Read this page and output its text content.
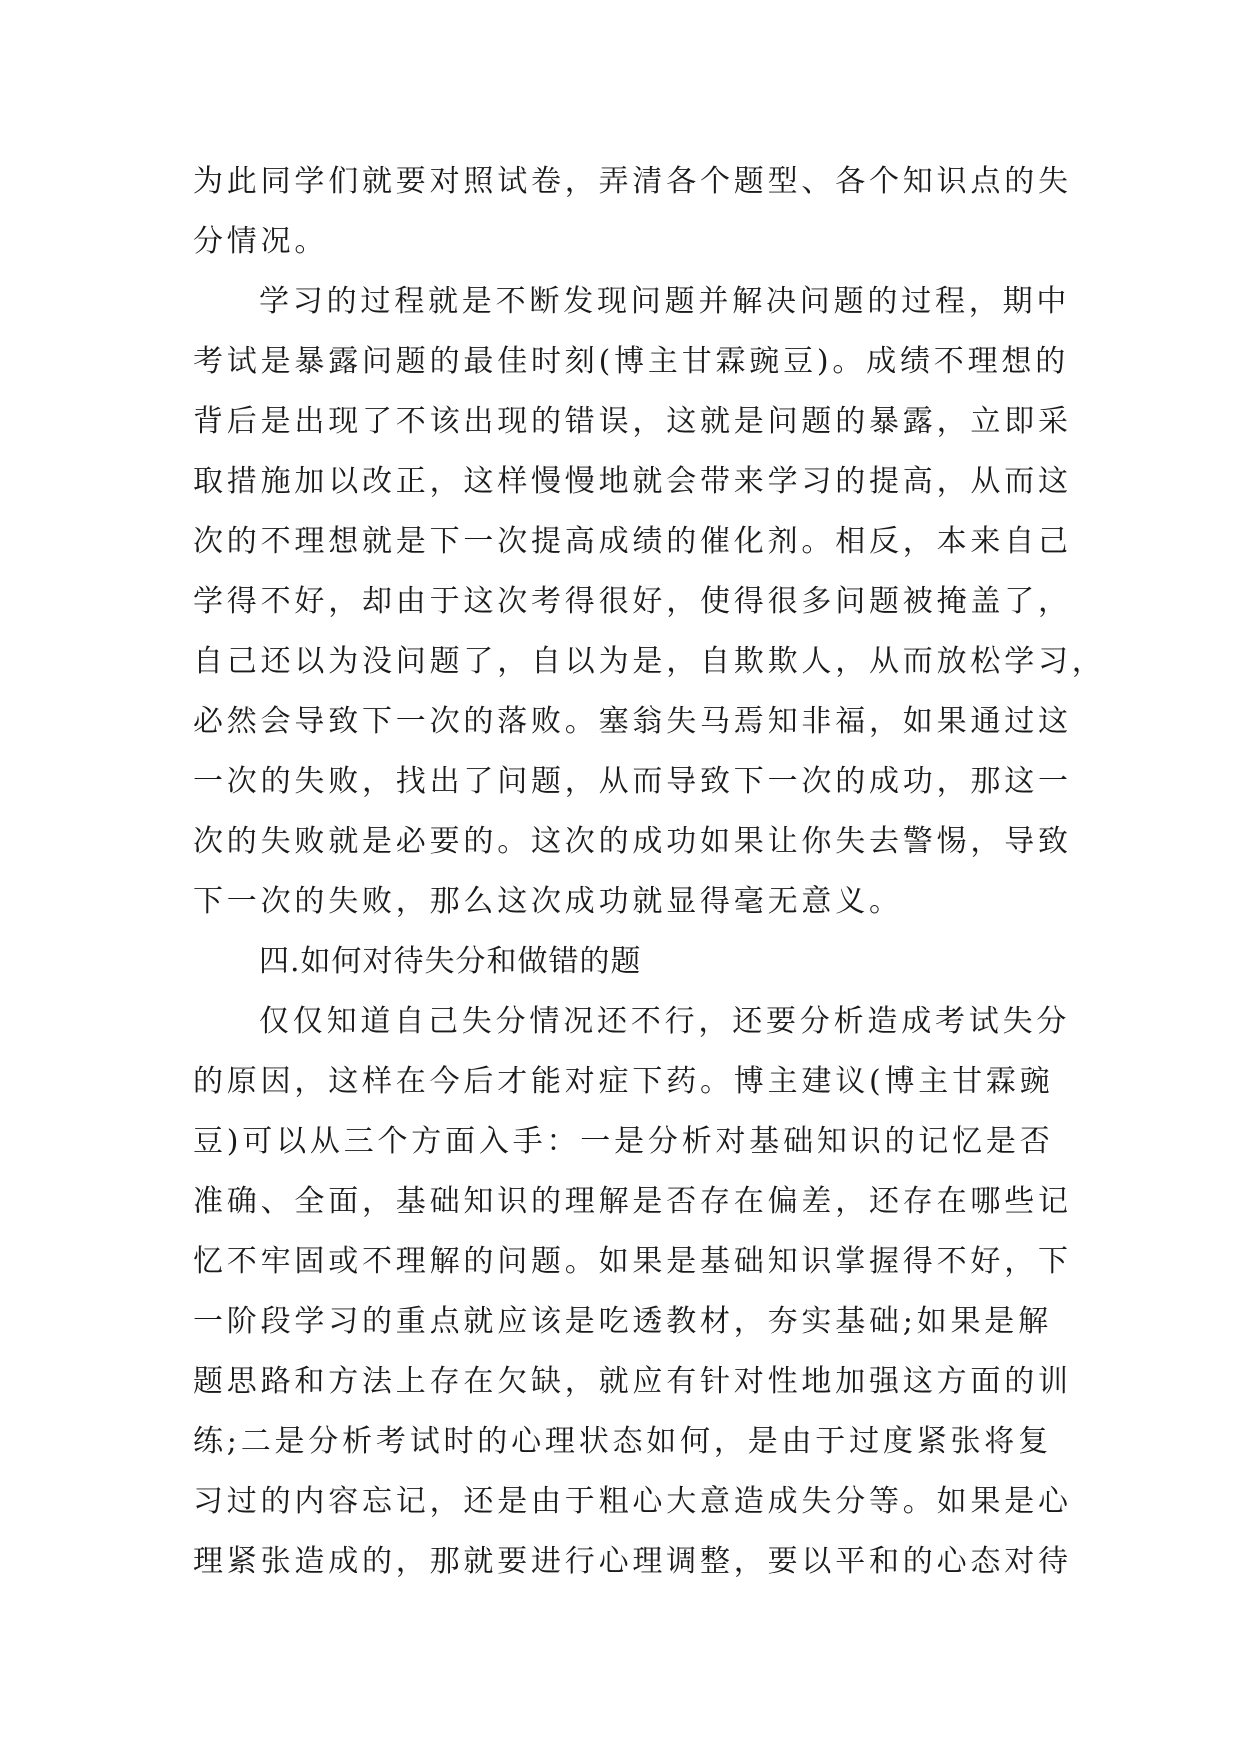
为此同学们就要对照试卷，弄清各个题型、各个知识点的失
分情况。
学习的过程就是不断发现问题并解决问题的过程，期中
考试是暴露问题的最佳时刻(博主甘霖豌豆)。成绩不理想的
背后是出现了不该出现的错误，这就是问题的暴露，立即采
取措施加以改正，这样慢慢地就会带来学习的提高，从而这
次的不理想就是下一次提高成绩的催化剂。相反，本来自己
学得不好，却由于这次考得很好，使得很多问题被掩盖了，
自己还以为没问题了，自以为是，自欺欺人，从而放松学习，
必然会导致下一次的落败。塞翁失马焉知非福，如果通过这
一次的失败，找出了问题，从而导致下一次的成功，那这一
次的失败就是必要的。这次的成功如果让你失去警惕，导致
下一次的失败，那么这次成功就显得毫无意义。
四.如何对待失分和做错的题
仅仅知道自己失分情况还不行，还要分析造成考试失分
的原因，这样在今后才能对症下药。博主建议(博主甘霖豌
豆)可以从三个方面入手：一是分析对基础知识的记忆是否
准确、全面，基础知识的理解是否存在偏差，还存在哪些记
忆不牢固或不理解的问题。如果是基础知识掌握得不好，下
一阶段学习的重点就应该是吃透教材，夯实基础;如果是解
题思路和方法上存在欠缺，就应有针对性地加强这方面的训
练;二是分析考试时的心理状态如何，是由于过度紧张将复
习过的内容忘记，还是由于粗心大意造成失分等。如果是心
理紧张造成的，那就要进行心理调整，要以平和的心态对待
